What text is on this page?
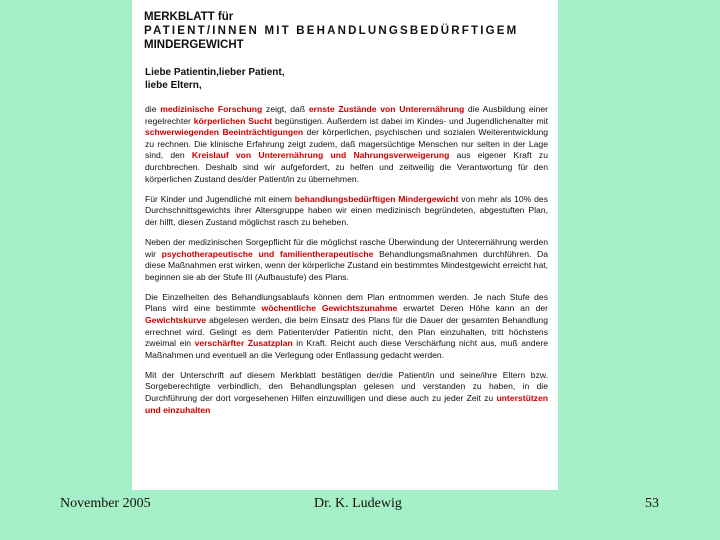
MERKBLATT für
PATIENT/INNEN MIT BEHANDLUNGSBEDÜRFTIGEM
MINDERGEWICHT
Liebe Patientin,lieber Patient,
liebe Eltern,

die medizinische Forschung zeigt, daß ernste Zustände von Unterernährung die Ausbildung einer regelrechter körperlichen Sucht begünstigen. Außerdem ist dabei im Kindes- und Jugendlichenalter mit schwerwiegenden Beeinträchtigungen der körperlichen, psychischen und sozialen Weiterentwicklung zu rechnen. Die klinische Erfahrung zeigt zudem, daß magersüchtige Menschen nur selten in der Lage sind, den Kreislauf von Unterernährung und Nahrungsverweigerung aus eigener Kraft zu durchbrechen. Deshalb sind wir aufgefordert, zu helfen und zeitweilig die Verantwortung für den körperlichen Zustand des/der Patient/in zu übernehmen.

Für Kinder und Jugendliche mit einem behandlungsbedürftigen Mindergewicht von mehr als 10% des Durchschnittsgewichts ihrer Altersgruppe haben wir einen medizinisch begründeten, abgestuften Plan, der hilft, diesen Zustand möglichst rasch zu beheben.

Neben der medizinischen Sorgepflicht für die möglichst rasche Überwindung der Unterernährung werden wir psychotherapeutische und familientherapeutische Behandlungsmaßnahmen durchführen. Da diese Maßnahmen erst wirken, wenn der körperliche Zustand ein bestimmtes Mindestgewicht erreicht hat, beginnen sie ab der Stufe III (Aufbaustufe) des Plans.

Die Einzelheiten des Behandlungsablaufs können dem Plan entnommen werden. Je nach Stufe des Plans wird eine bestimmte wöchentliche Gewichtszunahme erwartet Deren Höhe kann an der Gewichtskurve abgelesen werden, die beim Einsatz des Plans für die Dauer der gesamten Behandlung errechnet wird. Gelingt es dem Patienten/der Patientin nicht, den Plan einzuhalten, tritt höchstens zweimal ein verschärfter Zusatzplan in Kraft. Reicht auch diese Verschärfung nicht aus, muß andere Maßnahmen und eventuell an die Verlegung oder Entlassung gedacht werden.

Mit der Unterschrift auf diesem Merkblatt bestätigen der/die Patient/in und seine/ihre Eltern bzw. Sorgeberechtigte verbindlich, den Behandlungsplan gelesen und verstanden zu haben, in die Durchführung der dort vorgesehenen Hilfen einzuwilligen und diese auch zu jeder Zeit zu unterstützen und einzuhalten

November 2005	Dr. K. Ludewig	53
